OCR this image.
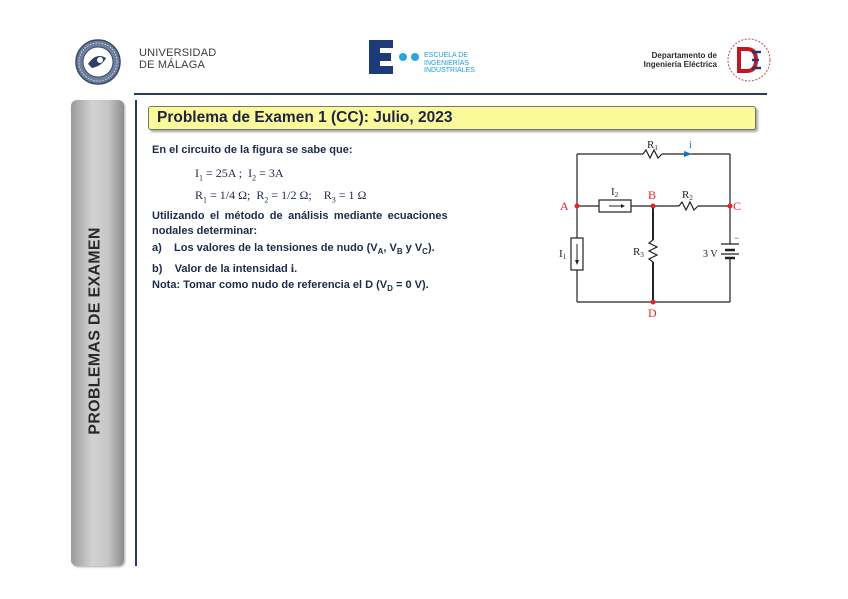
UNIVERSIDAD
DE MÁLAGA
ESCUELA DE
INGENIERÍAS
INDUSTRIALES
Departamento de
Ingeniería Eléctrica
PROBLEMAS DE EXAMEN
Problema de Examen 1 (CC): Julio, 2023
En el circuito de la figura se sabe que:
$I_1 = 25A$ ; $I_2 = 3A$
$R_1 = 1/4$ Ω; $R_2 = 1/2$ Ω; $R_3 = 1$ Ω
Utilizando el método de análisis mediante ecuaciones
nodales determinar:
a) Los valores de la tensiones de nudo ($V_A$, $V_B$ y $V_C$).
b) Valor de la intensidad i.
Nota: Tomar como nudo de referencia el D ($V_D = 0$ V).
−
A
B
C
D
R1
R2
R3
I2
I1
i
3 V
